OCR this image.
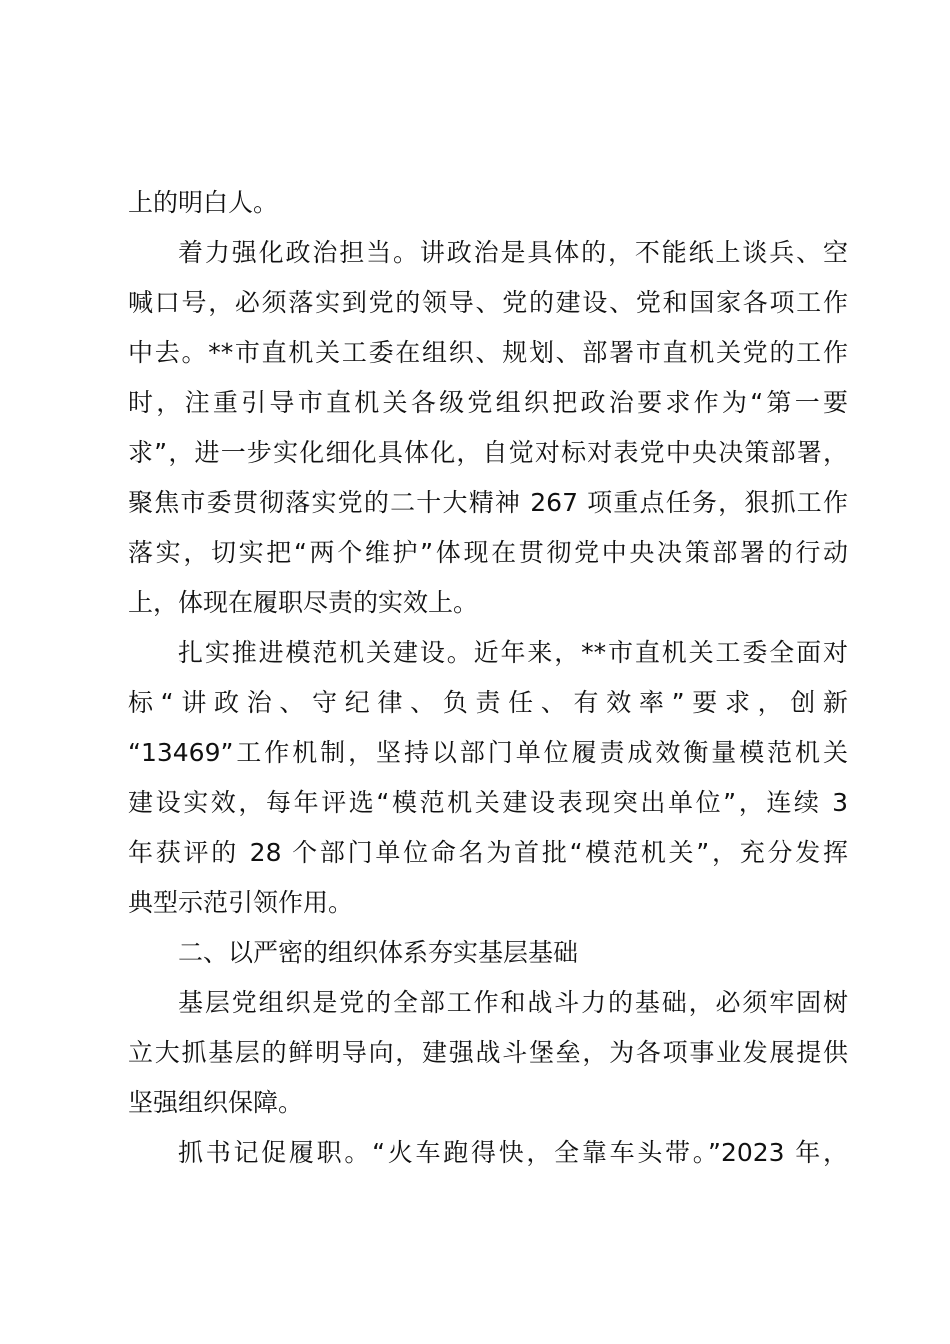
上的明白人。
着力强化政治担当。讲政治是具体的，不能纸上谈兵、空
喊口号，必须落实到党的领导、党的建设、党和国家各项工作
中去。**市直机关工委在组织、规划、部署市直机关党的工作
时，注重引导市直机关各级党组织把政治要求作为“第一要
求”，进一步实化细化具体化，自觉对标对表党中央决策部署，
聚焦市委贯彻落实党的二十大精神 267 项重点任务，狠抓工作
落实，切实把“两个维护”体现在贯彻党中央决策部署的行动
上，体现在履职尽责的实效上。
扎实推进模范机关建设。近年来，**市直机关工委全面对
标“讲政治、守纪律、负责任、有效率”要求，创新
“13469”工作机制，坚持以部门单位履责成效衡量模范机关
建设实效，每年评选“模范机关建设表现突出单位”，连续 3
年获评的 28 个部门单位命名为首批“模范机关”，充分发挥
典型示范引领作用。
二、以严密的组织体系夯实基层基础
基层党组织是党的全部工作和战斗力的基础，必须牢固树
立大抓基层的鲜明导向，建强战斗堡垒，为各项事业发展提供
坚强组织保障。
抓书记促履职。“火车跑得快，全靠车头带。”2023 年，
